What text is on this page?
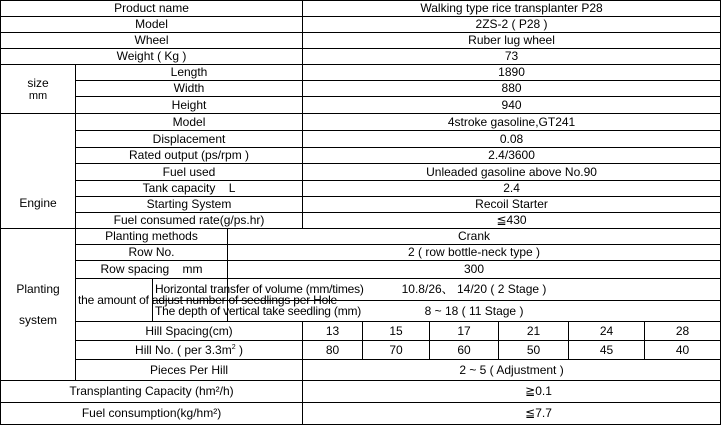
Product name				Walking type rice transplanter P28					
Model				2ZS-2 ( P28 )					
Wheel				Ruber lug wheel					
Weight ( Kg )				73					

size
mm	Length			1890					
	Width			880					
	Height			940					
Engine	Model			4stroke gasoline,GT241					
	Displacement			0.08					
	Rated output (ps/rpm )			2.4/3600					
	Fuel used			Unleaded gasoline above No.90					
	Tank capacity    L			2.4					
	Starting System			Recoil Starter					
	Fuel consumed rate(g/ps.hr)			≦430					

Planting
system	Planting methods		Crank						
	Row No.		2 ( row bottle-neck type )						
	Row spacing    mm		300						
	the amount of adjust number of seedlings per Hole	Horizontal transfer of volume (mm/times)	10.8/26、 14/20 ( 2 Stage )						
		The depth of vertical take seedling (mm)	8 ~ 18 ( 11 Stage )						
	Hill Spacing(cm)			13	15	17	21	24	28
	Hill No. ( per $3.3m^2$ )			80	70	60	50	45	40
	Pieces Per Hill			2 ~ 5 ( Adjustment )					
Transplanting Capacity (hm²/h)				≧0.1					
Fuel consumption(kg/hm²)				≦7.7					
